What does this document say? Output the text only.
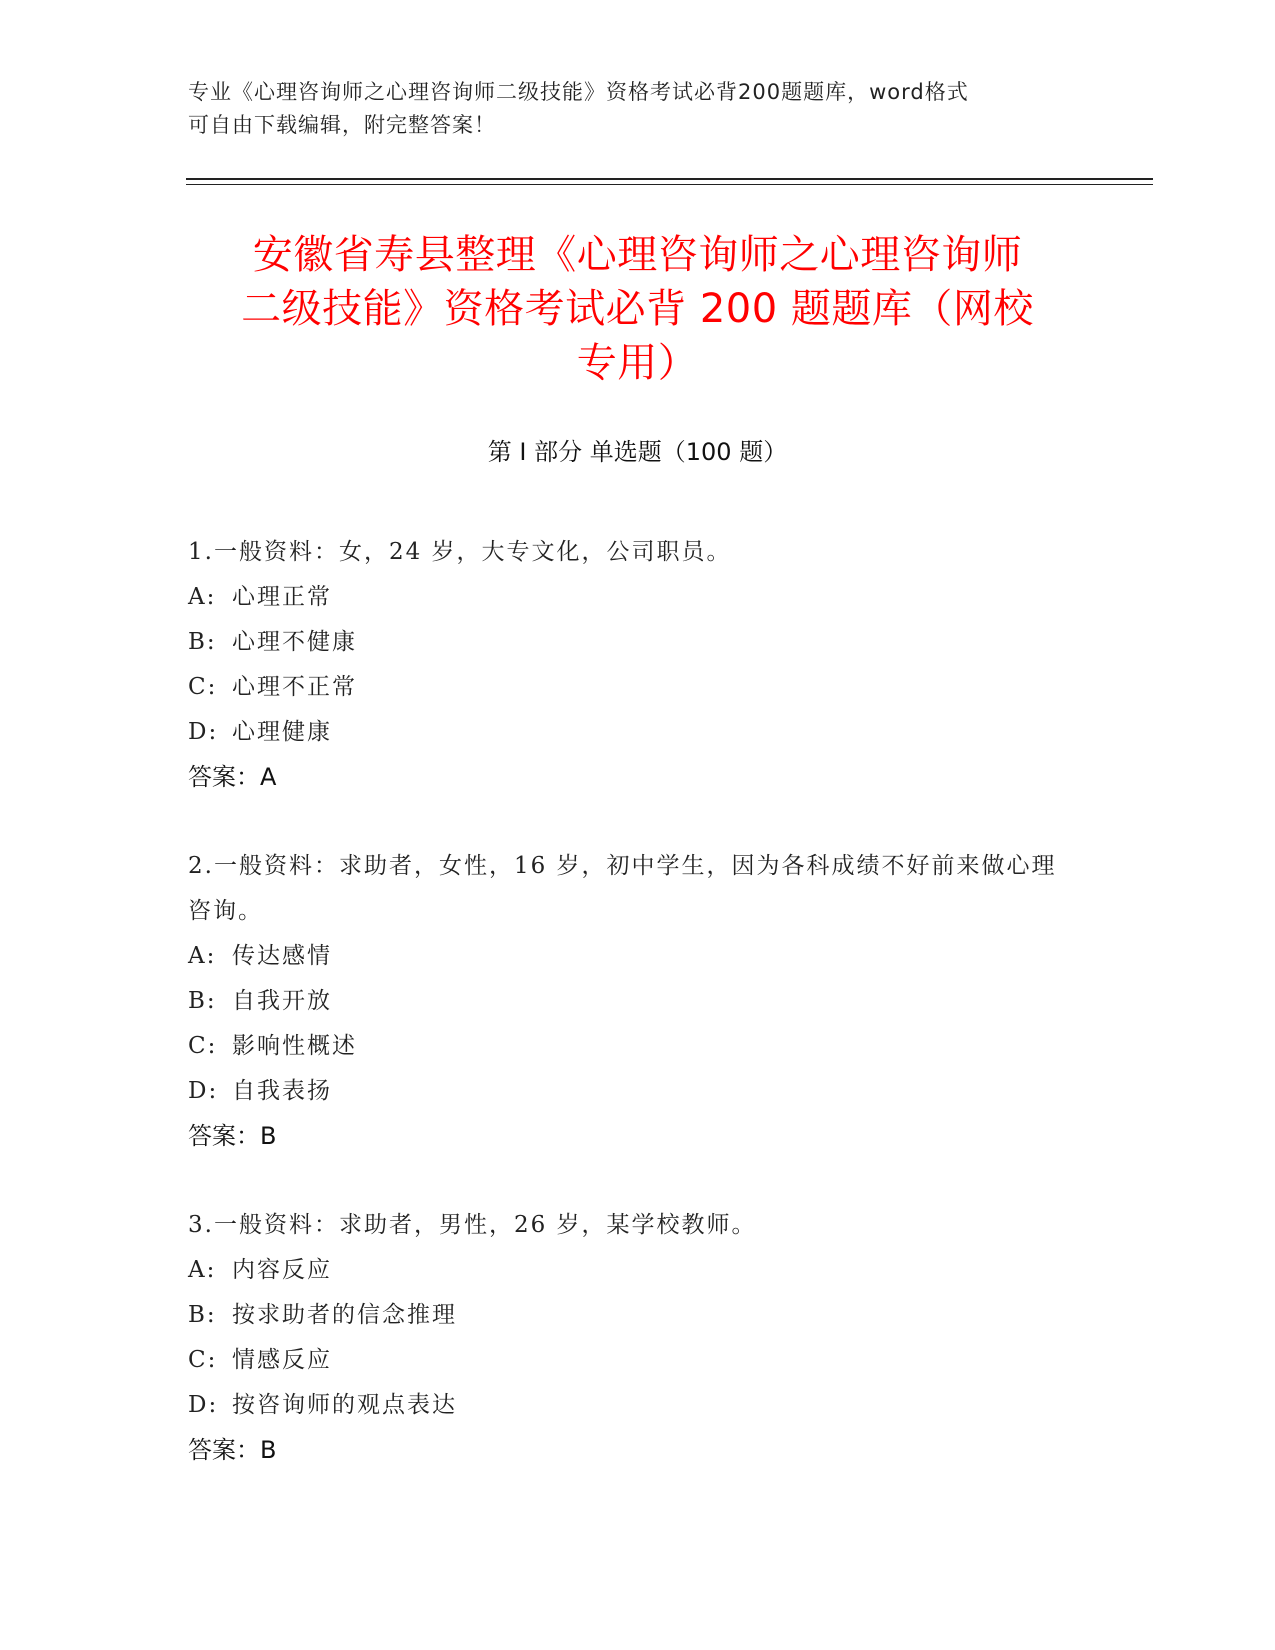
专业《心理咨询师之心理咨询师二级技能》资格考试必背200题题库，word格式
可自由下载编辑，附完整答案！
安徽省寿县整理《心理咨询师之心理咨询师
二级技能》资格考试必背 200 题题库（网校
专用）
第 I 部分 单选题（100 题）

1.一般资料：女，24 岁，大专文化，公司职员。

A: 心理正常
B: 心理不健康
C: 心理不正常
D: 心理健康
答案：A

2.一般资料：求助者，女性，16 岁，初中学生，因为各科成绩不好前来做心理咨询。

A: 传达感情
B: 自我开放
C: 影响性概述
D: 自我表扬
答案：B

3.一般资料：求助者，男性，26 岁，某学校教师。

A: 内容反应
B: 按求助者的信念推理
C: 情感反应
D: 按咨询师的观点表达
答案：B
